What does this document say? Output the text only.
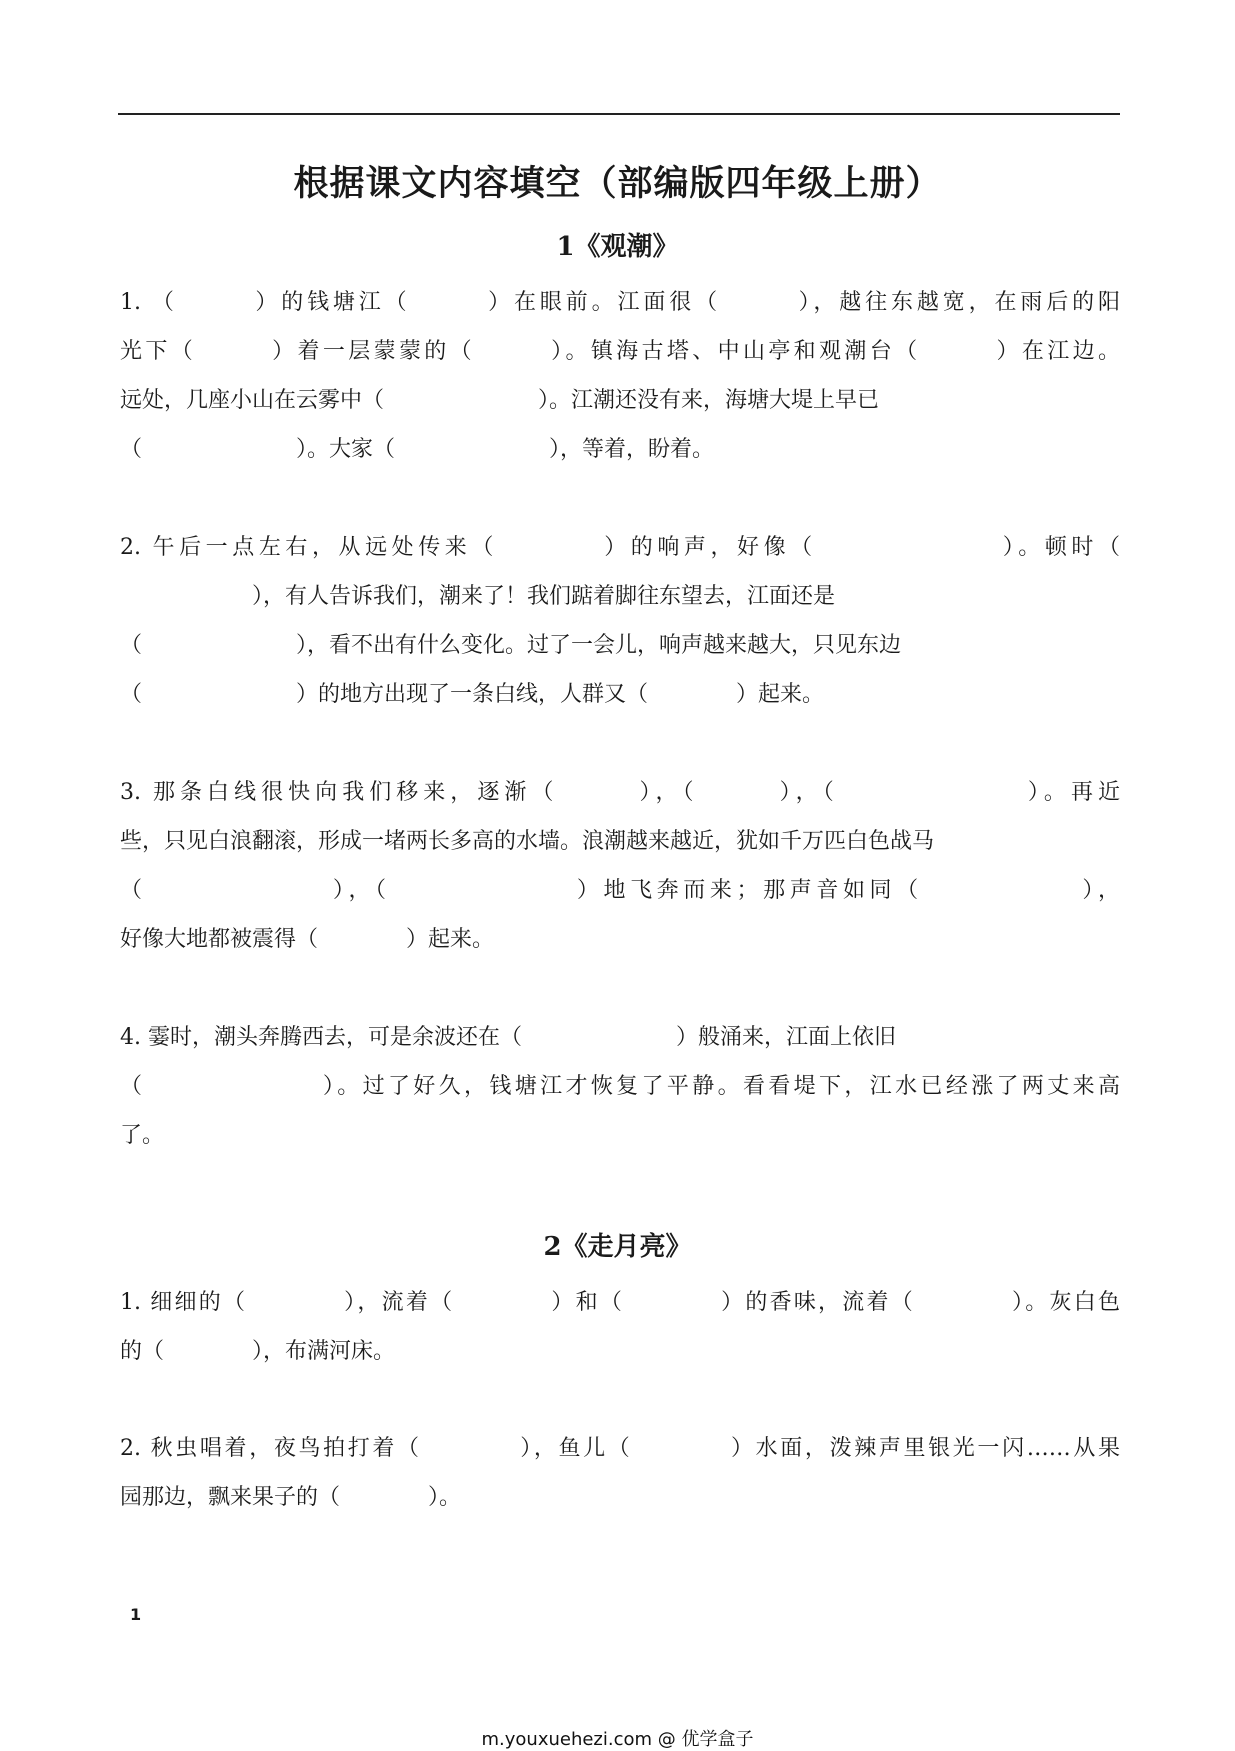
根据课文内容填空（部编版四年级上册）
1《观潮》
1. （　　　）的钱塘江（　　　）在眼前。江面很（　　　），越往东越宽，在雨后的阳
光下（　　　）着一层蒙蒙的（　　　）。镇海古塔、中山亭和观潮台（　　　）在江边。
远处，几座小山在云雾中（　　　　　　　）。江潮还没有来，海塘大堤上早已
（　　　　　　　）。大家（　　　　　　　），等着，盼着。
2. 午后一点左右，从远处传来（　　　　）的响声，好像（　　　　　　　）。顿时（
　　　　　　），有人告诉我们，潮来了！我们踮着脚往东望去，江面还是
（　　　　　　　），看不出有什么变化。过了一会儿，响声越来越大，只见东边
（　　　　　　　）的地方出现了一条白线，人群又（　　　　）起来。
3. 那条白线很快向我们移来，逐渐（　　　），（　　　），（　　　　　　　）。再近
些，只见白浪翻滚，形成一堵两长多高的水墙。浪潮越来越近，犹如千万匹白色战马
（　　　　　　　），（　　　　　　　）地飞奔而来；那声音如同（　　　　　　），
好像大地都被震得（　　　　）起来。
4. 霎时，潮头奔腾西去，可是余波还在（　　　　　　　）般涌来，江面上依旧
（　　　　　　　）。过了好久，钱塘江才恢复了平静。看看堤下，江水已经涨了两丈来高
了。
2《走月亮》
1. 细细的（　　　　），流着（　　　　）和（　　　　）的香味，流着（　　　　）。灰白色
的（　　　　），布满河床。
2. 秋虫唱着，夜鸟拍打着（　　　　），鱼儿（　　　　）水面，泼辣声里银光一闪……从果
园那边，飘来果子的（　　　　）。
1
m.youxuehezi.com @ 优学盒子
